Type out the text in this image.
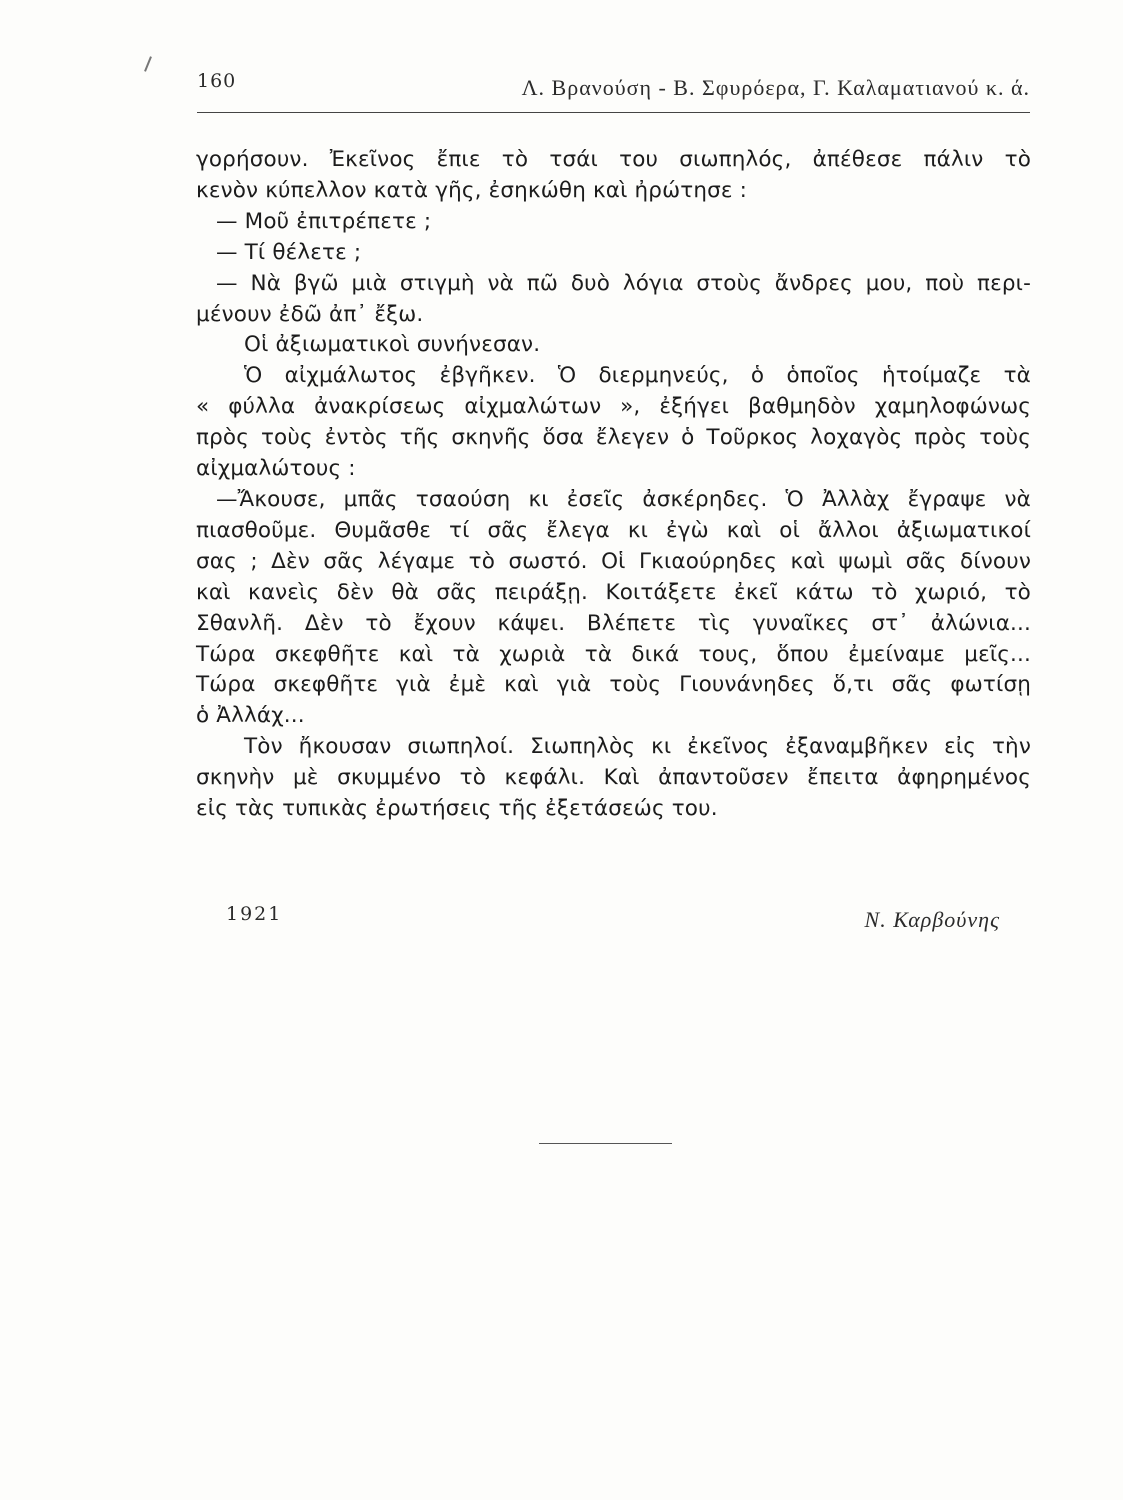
160	Λ. Βρανούση - Β. Σφυρόερα, Γ. Καλαματιανού κ. ά.
γορήσουν. Ἐκεῖνος ἔπιε τὸ τσάι του σιωπηλός, ἀπέθεσε πάλιν τὸ
κενὸν κύπελλον κατὰ γῆς, ἐσηκώθη καὶ ἠρώτησε :
— Μοῦ ἐπιτρέπετε ;
— Τί θέλετε ;
— Νὰ βγῶ μιὰ στιγμὴ νὰ πῶ δυὸ λόγια στοὺς ἄνδρες μου, ποὺ περι-
μένουν ἐδῶ ἀπ᾽ ἔξω.
Οἱ ἀξιωματικοὶ συνήνεσαν.
Ὁ αἰχμάλωτος ἐβγῆκεν. Ὁ διερμηνεύς, ὁ ὁποῖος ἡτοίμαζε τὰ
« φύλλα ἀνακρίσεως αἰχμαλώτων », ἐξήγει βαθμηδὸν χαμηλοφώνως
πρὸς τοὺς ἐντὸς τῆς σκηνῆς ὅσα ἔλεγεν ὁ Τοῦρκος λοχαγὸς πρὸς τοὺς
αἰχμαλώτους :
—Ἄκουσε, μπᾶς τσαούση κι ἐσεῖς ἀσκέρηδες. Ὁ Ἀλλὰχ ἔγραψε νὰ
πιασθοῦμε. Θυμᾶσθε τί σᾶς ἔλεγα κι ἐγὼ καὶ οἱ ἄλλοι ἀξιωματικοί
σας ; Δὲν σᾶς λέγαμε τὸ σωστό. Οἱ Γκιαούρηδες καὶ ψωμὶ σᾶς δίνουν
καὶ κανεὶς δὲν θὰ σᾶς πειράξῃ. Κοιτάξετε ἐκεῖ κάτω τὸ χωριό, τὸ
Σθανλῆ. Δὲν τὸ ἔχουν κάψει. Βλέπετε τὶς γυναῖκες στ᾽ ἀλώνια...
Τώρα σκεφθῆτε καὶ τὰ χωριὰ τὰ δικά τους, ὅπου ἐμείναμε μεῖς...
Τώρα σκεφθῆτε γιὰ ἐμὲ καὶ γιὰ τοὺς Γιουνάνηδες ὅ,τι σᾶς φωτίσῃ
ὁ Ἀλλάχ...
Τὸν ἤκουσαν σιωπηλοί. Σιωπηλὸς κι ἐκεῖνος ἐξαναμβῆκεν εἰς τὴν
σκηνὴν μὲ σκυμμένο τὸ κεφάλι. Καὶ ἀπαντοῦσεν ἔπειτα ἀφηρημένος
εἰς τὰς τυπικὰς ἐρωτήσεις τῆς ἐξετάσεώς του.
1921	Ν. Καρβούνης
